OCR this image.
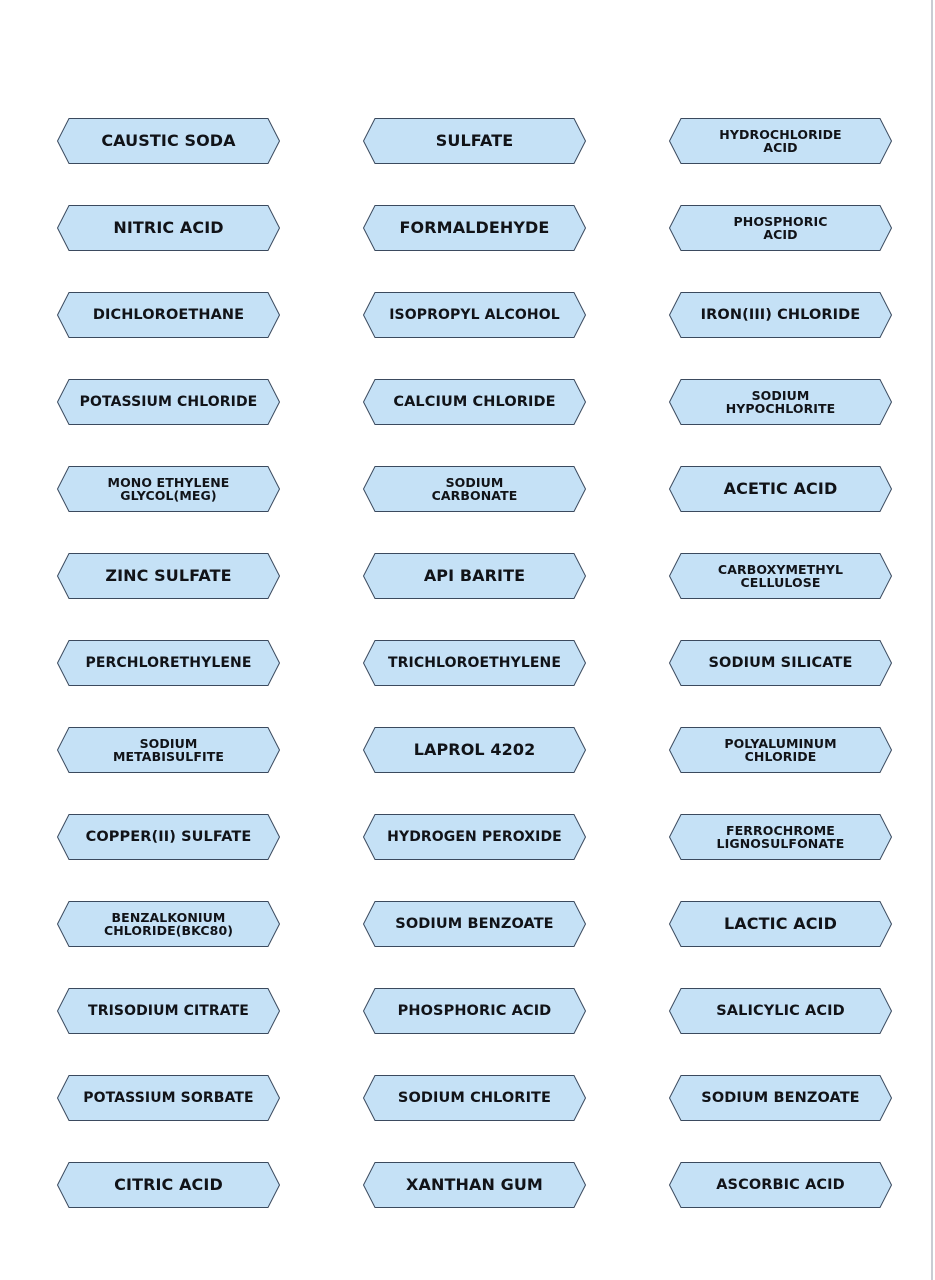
CAUSTIC SODA	SULFATE	HYDROCHLORIDE
ACID
NITRIC ACID	FORMALDEHYDE	PHOSPHORIC
ACID
DICHLOROETHANE	ISOPROPYL ALCOHOL	IRON(III) CHLORIDE
POTASSIUM CHLORIDE	CALCIUM CHLORIDE	SODIUM
HYPOCHLORITE
MONO ETHYLENE
GLYCOL(MEG)
SODIUM
CARBONATE	ACETIC ACID
ZINC SULFATE	API BARITE	CARBOXYMETHYL
CELLULOSE
PERCHLORETHYLENE	TRICHLOROETHYLENE	SODIUM SILICATE
SODIUM
METABISULFITE	LAPROL 4202	POLYALUMINUM
CHLORIDE
COPPER(II) SULFATE	HYDROGEN PEROXIDE	FERROCHROME
LIGNOSULFONATE
BENZALKONIUM
CHLORIDE(BKC80)	SODIUM BENZOATE	LACTIC ACID
TRISODIUM CITRATE	PHOSPHORIC ACID	SALICYLIC ACID
POTASSIUM SORBATE	SODIUM CHLORITE	SODIUM BENZOATE
CITRIC ACID	XANTHAN GUM	ASCORBIC ACID
